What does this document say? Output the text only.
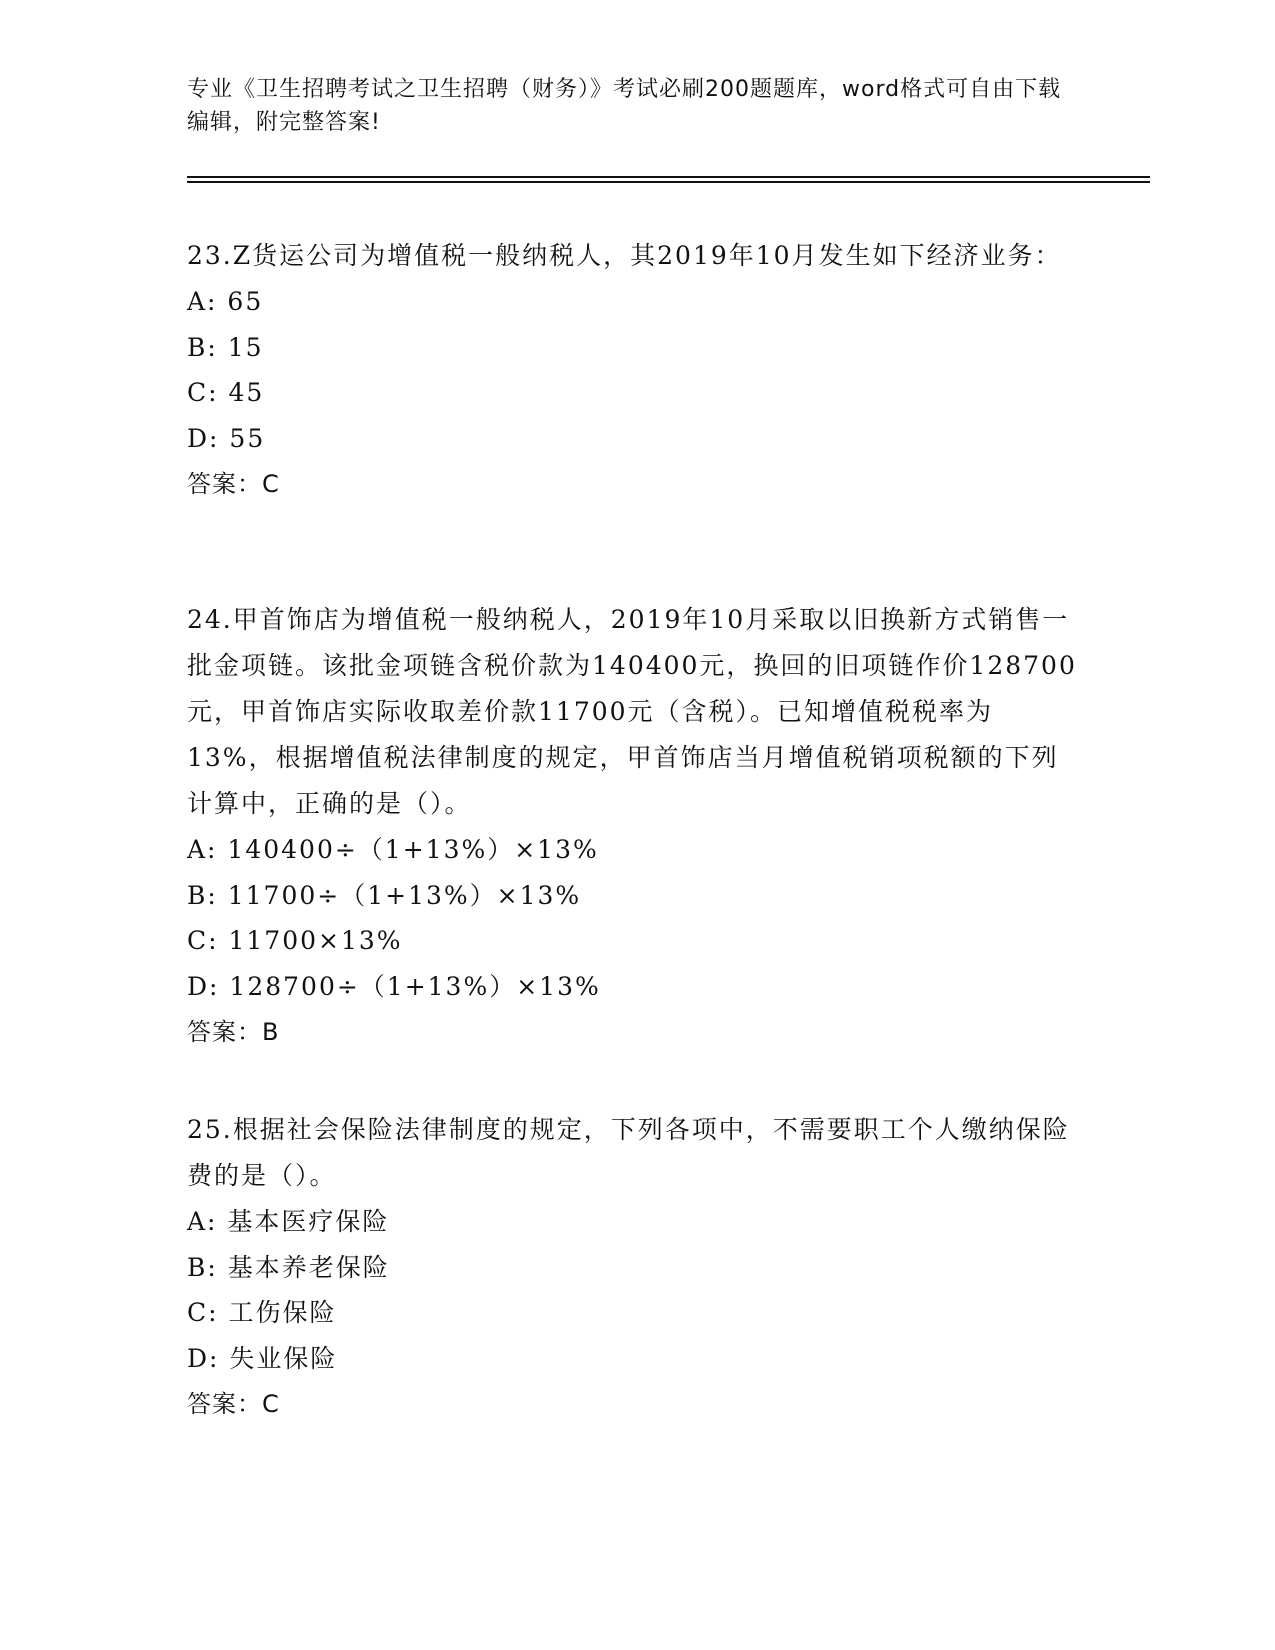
专业《卫生招聘考试之卫生招聘（财务）》考试必刷200题题库，word格式可自由下载编辑，附完整答案!

23.Z货运公司为增值税一般纳税人，其2019年10月发生如下经济业务：

A: 65

B: 15

C: 45

D: 55

答案：C

24.甲首饰店为增值税一般纳税人，2019年10月采取以旧换新方式销售一批金项链。该批金项链含税价款为140400元，换回的旧项链作价128700元，甲首饰店实际收取差价款11700元（含税）。已知增值税税率为13%，根据增值税法律制度的规定，甲首饰店当月增值税销项税额的下列计算中，正确的是（）。

A: 140400÷（1+13%）×13%

B: 11700÷（1+13%）×13%

C: 11700×13%

D: 128700÷（1+13%）×13%

答案：B

25.根据社会保险法律制度的规定，下列各项中，不需要职工个人缴纳保险费的是（）。

A: 基本医疗保险

B: 基本养老保险

C: 工伤保险

D: 失业保险

答案：C
